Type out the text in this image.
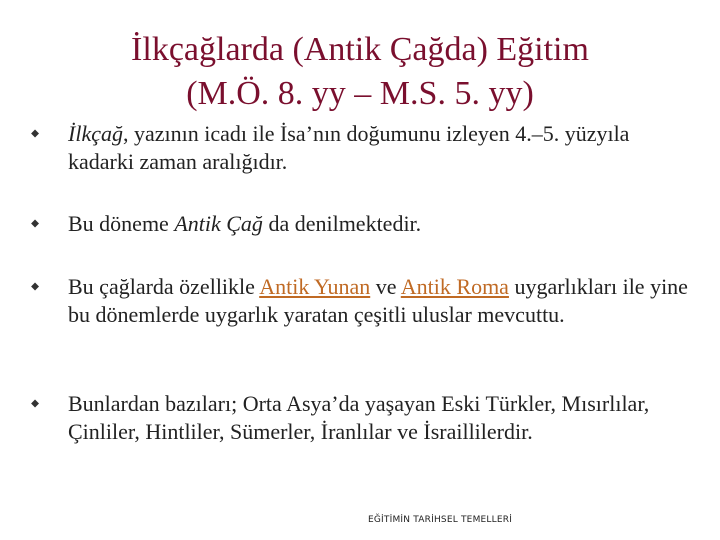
İlkçağlarda (Antik Çağda) Eğitim
(M.Ö. 8. yy – M.S. 5. yy)
⯁ İlkçağ, yazının icadı ile İsa’nın doğumunu izleyen 4.–5. yüzyıla kadarki zaman aralığıdır.
⯁ Bu döneme Antik Çağ da denilmektedir.
⯁ Bu çağlarda özellikle Antik Yunan ve Antik Roma uygarlıkları ile yine bu dönemlerde uygarlık yaratan çeşitli uluslar mevcuttu.
⯁ Bunlardan bazıları; Orta Asya’da yaşayan Eski Türkler, Mısırlılar, Çinliler, Hintliler, Sümerler, İranlılar ve İsraillilerdir.
EĞİTİMİN TARİHSEL TEMELLERİ
